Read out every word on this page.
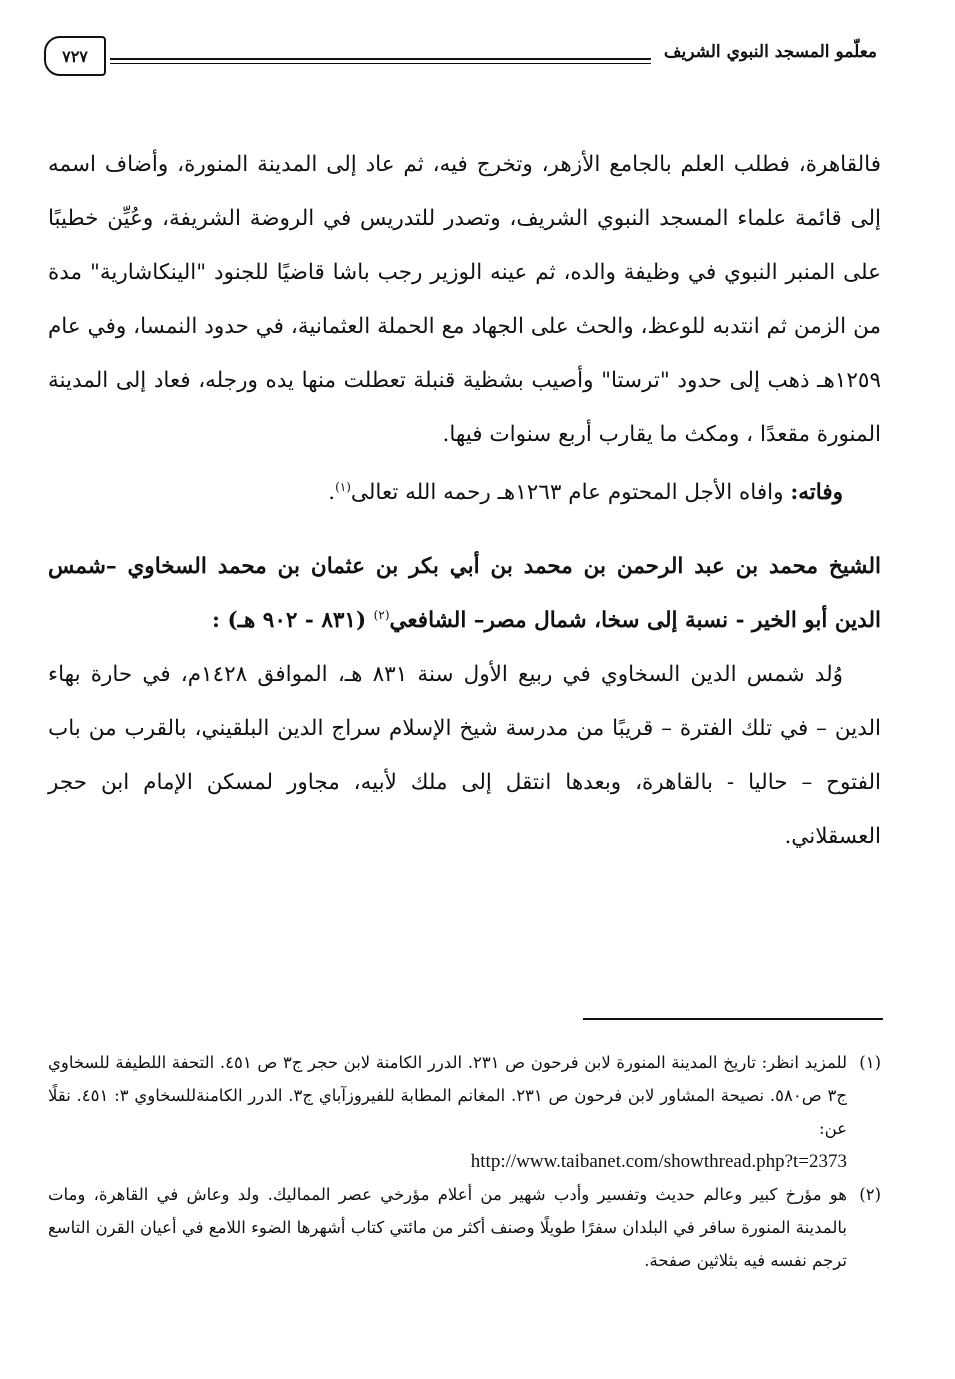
معلّمو المسجد النبوي الشريف
٧٢٧

فالقاهرة، فطلب العلم بالجامع الأزهر، وتخرج فيه، ثم عاد إلى المدينة المنورة، وأضاف اسمه إلى قائمة علماء المسجد النبوي الشريف، وتصدر للتدريس في الروضة الشريفة، وعُيِّن خطيبًا على المنبر النبوي في وظيفة والده، ثم عينه الوزير رجب باشا قاضيًا للجنود "الينكاشارية" مدة من الزمن ثم انتدبه للوعظ، والحث على الجهاد مع الحملة العثمانية، في حدود النمسا، وفي عام ١٢٥٩هـ ذهب إلى حدود "ترستا" وأصيب بشظية قنبلة تعطلت منها يده ورجله، فعاد إلى المدينة المنورة مقعدًا ، ومكث ما يقارب أربع سنوات فيها.

وفاته: وافاه الأجل المحتوم عام ١٢٦٣هـ رحمه الله تعالى$^{(١)}$.

الشيخ محمد بن عبد الرحمن بن محمد بن أبي بكر بن عثمان بن محمد السخاوي –شمس الدين أبو الخير - نسبة إلى سخا، شمال مصر– الشافعي$^{(٢)}$ (٨٣١ - ٩٠٢ هـ) :

وُلد شمس الدين السخاوي في ربيع الأول سنة ٨٣١ هـ، الموافق ١٤٢٨م، في حارة بهاء الدين – في تلك الفترة – قريبًا من مدرسة شيخ الإسلام سراج الدين البلقيني، بالقرب من باب الفتوح – حاليا - بالقاهرة، وبعدها انتقل إلى ملك لأبيه، مجاور لمسكن الإمام ابن حجر العسقلاني.

(١)
للمزيد انظر: تاريخ المدينة المنورة لابن فرحون ص ٢٣١. الدرر الكامنة لابن حجر ج٣ ص ٤٥١. التحفة اللطيفة للسخاوي ج٣ ص٥٨٠. نصيحة المشاور لابن فرحون ص ٢٣١. المغانم المطابة للفيروزآباي ج٣. الدرر الكامنةللسخاوي ٣: ٤٥١. نقلًا عن:
http://www.taibanet.com/showthread.php?t=2373

(٢)
هو مؤرخ كبير وعالم حديث وتفسير وأدب شهير من أعلام مؤرخي عصر المماليك. ولد وعاش في القاهرة، ومات بالمدينة المنورة سافر في البلدان سفرًا طويلًا وصنف أكثر من مائتي كتاب أشهرها الضوء اللامع في أعيان القرن التاسع ترجم نفسه فيه بثلاثين صفحة.
